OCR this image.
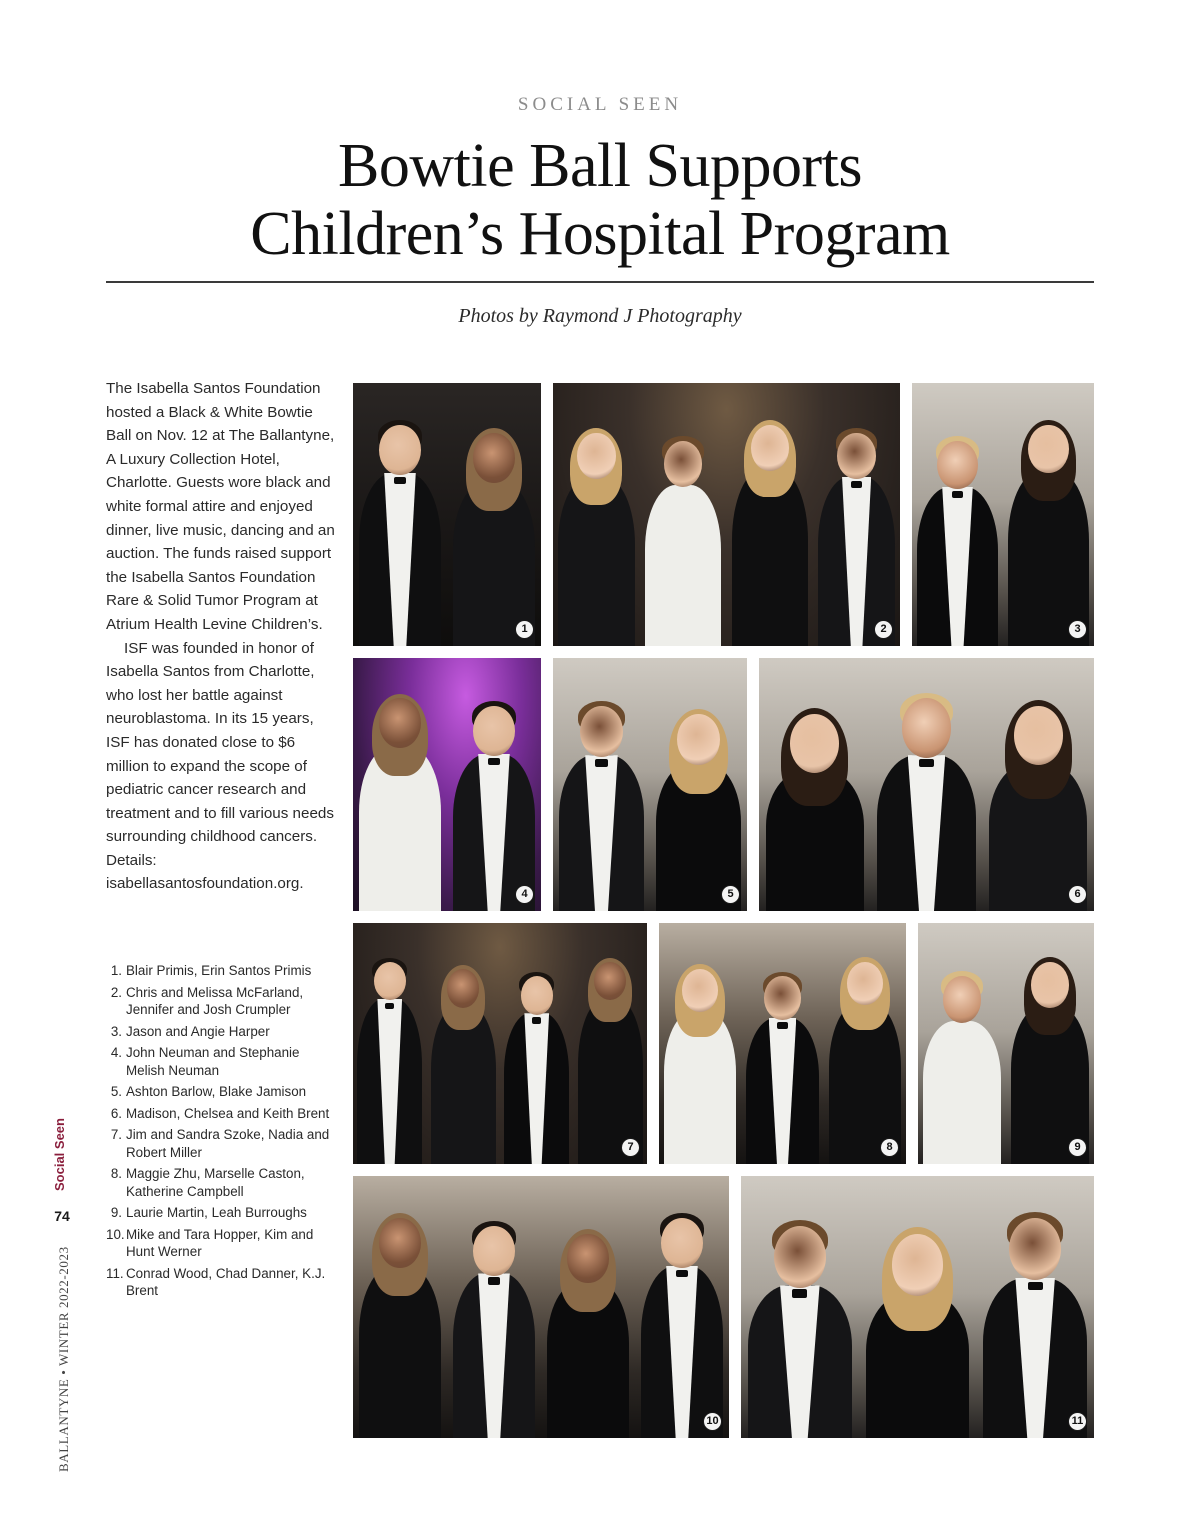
SOCIAL SEEN
Bowtie Ball Supports
Children’s Hospital Program
Photos by Raymond J Photography

The Isabella Santos Foundation hosted a Black & White Bowtie Ball on Nov. 12 at The Ballantyne, A Luxury Collection Hotel, Charlotte. Guests wore black and white formal attire and enjoyed dinner, live music, dancing and an auction. The funds raised support the Isabella Santos Foundation Rare & Solid Tumor Program at Atrium Health Levine Children’s.

ISF was founded in honor of Isabella Santos from Charlotte, who lost her battle against neuroblastoma. In its 15 years, ISF has donated close to $6 million to expand the scope of pediatric cancer research and treatment and to fill various needs surrounding childhood cancers. Details: isabellasantosfoundation.org.

1. Blair Primis, Erin Santos Primis
2. Chris and Melissa McFarland, Jennifer and Josh Crumpler
3. Jason and Angie Harper
4. John Neuman and Stephanie Melish Neuman
5. Ashton Barlow, Blake Jamison
6. Madison, Chelsea and Keith Brent
7. Jim and Sandra Szoke, Nadia and Robert Miller
8. Maggie Zhu, Marselle Caston, Katherine Campbell
9. Laurie Martin, Leah Burroughs
10. Mike and Tara Hopper, Kim and Hunt Werner
11. Conrad Wood, Chad Danner, K.J. Brent
Social Seen
74
BALLANTYNE • WINTER 2022-2023
1	2	3
4	5	6
7	8	9
10	11
